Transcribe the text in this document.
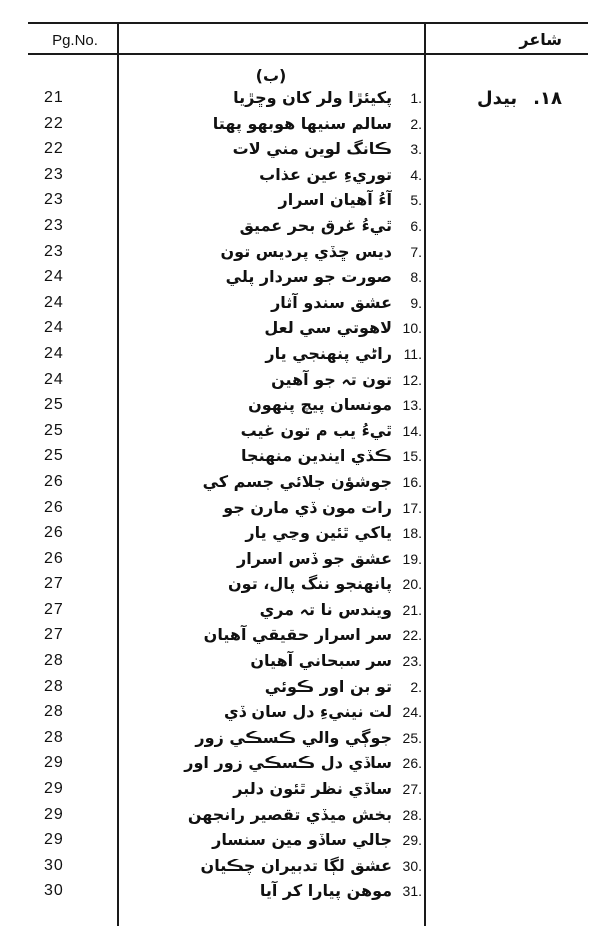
Pg.No.	شاعر
(ب)
۱۸.بيدل
21	پکيئڙا ولر کان وڇڙيا	1.
22	سالم سنيها هوبهو پهتا	2.
22	ڪانگ لوين مني لات	3.
23	توريءِ عين عذاب	4.
23	آءُ آهيان اسرار	5.
23	ٿيءُ غرق بحر عميق	6.
23	ديس ڇڏي پرديس تون	7.
24	صورت جو سردار پلي	8.
24	عشق سندو آثار	9.
24	لاهوتي سي لعل 10.
24	راڻي پنهنجي يار 11.
24	تون تہ جو آهين 12.
25	مونسان پيچ پنهون 13.
25	ٿيءُ يب م تون غيب 14.
25	ڪڏي ايندين منهنجا 15.
26	جوشؤن جلائي جسم کي 16.
26	رات مون ڏي مارن جو 17.
26	ياکي ٿئين وڃي يار 18.
26	عشق جو ڏس اسرار 19.
27	پانهنجو ننگ پال، تون 20.
27	ويندس نا تہ مري 21.
27	سر اسرار حقيقي آهيان 22.
28	سر سبحاني آهيان 23.
28	تو بن اور ڪوئي	2.
28	لت نينيءِ دل سان ڏي 24.
28	جوڳي والي ڪسڪي زور 25.
29	ساڏي دل ڪسڪي زور اور 26.
29	ساڏي نظر ٿئون دلبر 27.
29	بخش ميڏي تقصير رانجهن 28.
29	جالي ساڏو مين سنسار 29.
30	عشق لڳا تدبيران چڪيان 30.
30	موهن پيارا کر آيا 31.
